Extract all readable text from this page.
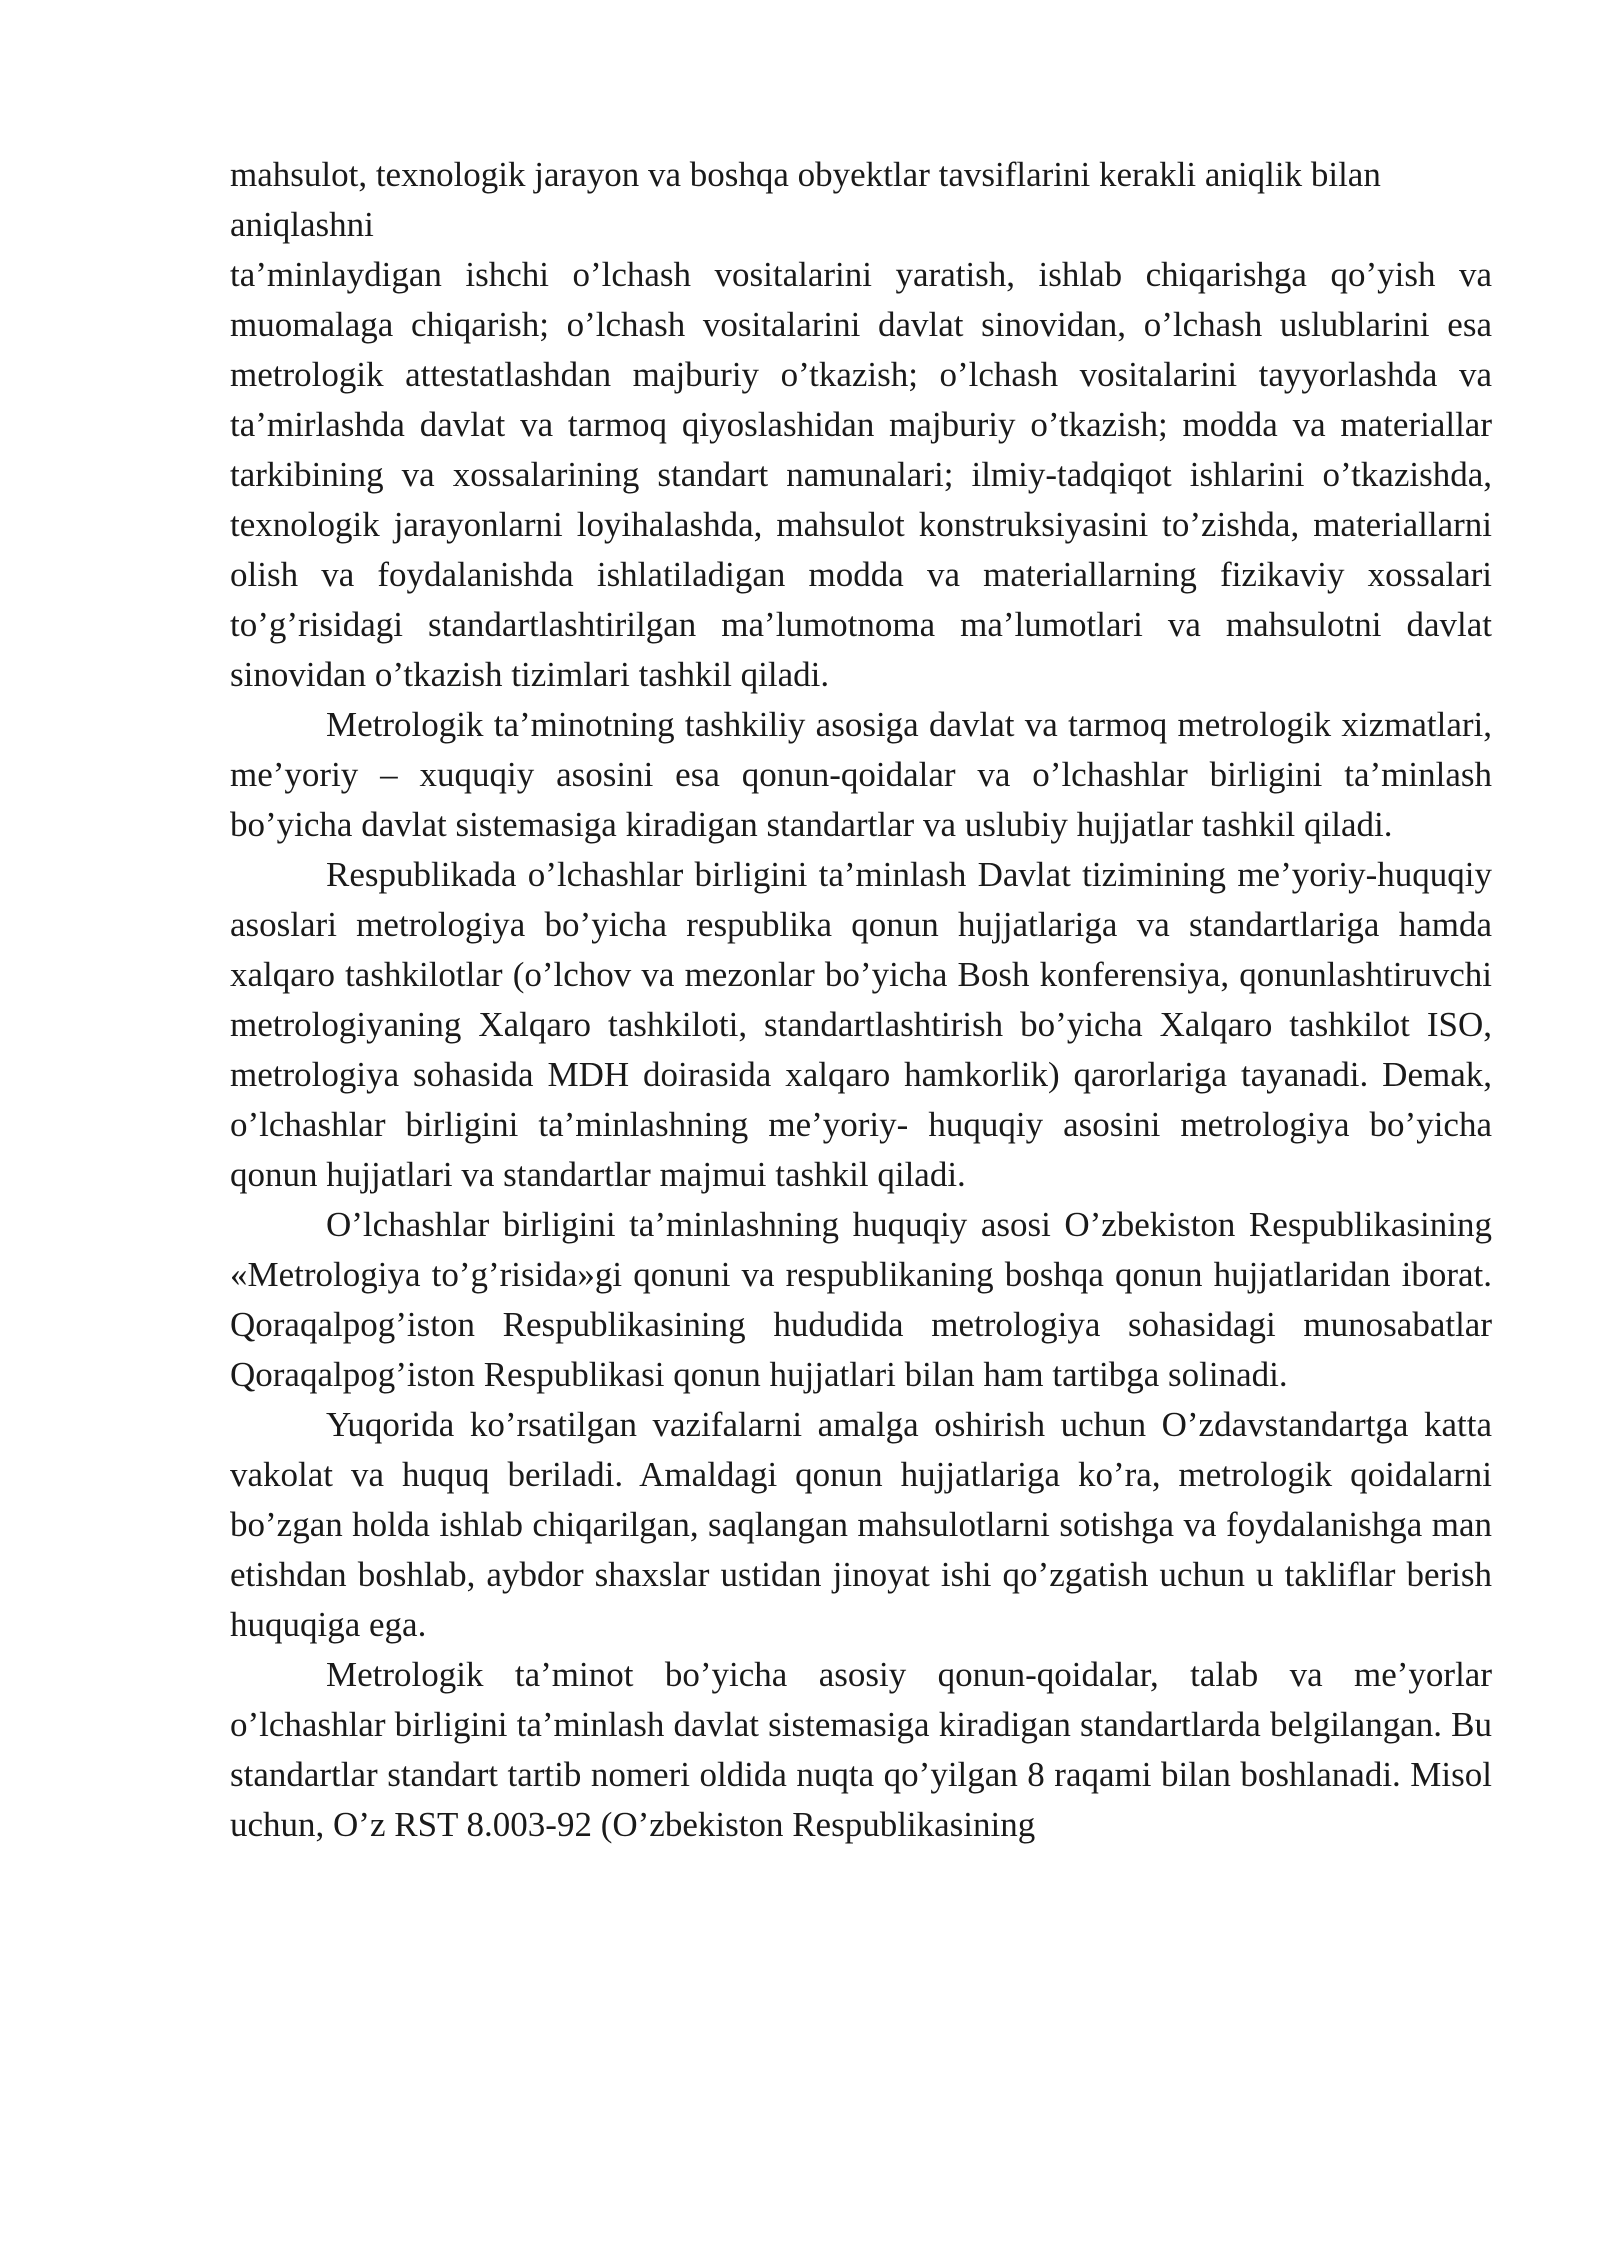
mahsulot, texnologik jarayon va boshqa obyektlar tavsiflarini kerakli aniqlik bilan aniqlashni
ta’minlaydigan ishchi o’lchash vositalarini yaratish, ishlab chiqarishga qo’yish va muomalaga chiqarish; o’lchash vositalarini davlat sinovidan, o’lchash uslublarini esa metrologik attestatlashdan majburiy o’tkazish; o’lchash vositalarini tayyorlashda va ta’mirlashda davlat va tarmoq qiyoslashidan majburiy o’tkazish; modda va materiallar tarkibining va xossalarining standart namunalari; ilmiy-tadqiqot ishlarini o’tkazishda, texnologik jarayonlarni loyihalashda, mahsulot konstruksiyasini to’zishda, materiallarni olish va foydalanishda ishlatiladigan modda va materiallarning fizikaviy xossalari to’g’risidagi standartlashtirilgan ma’lumotnoma ma’lumotlari va mahsulotni davlat sinovidan o’tkazish tizimlari tashkil qiladi.

Metrologik ta’minotning tashkiliy asosiga davlat va tarmoq metrologik xizmatlari, me’yoriy – xuquqiy asosini esa qonun-qoidalar va o’lchashlar birligini ta’minlash bo’yicha davlat sistemasiga kiradigan standartlar va uslubiy hujjatlar tashkil qiladi.

Respublikada o’lchashlar birligini ta’minlash Davlat tizimining me’yoriy-huquqiy asoslari metrologiya bo’yicha respublika qonun hujjatlariga va standartlariga hamda xalqaro tashkilotlar (o’lchov va mezonlar bo’yicha Bosh konferensiya, qonunlashtiruvchi metrologiyaning Xalqaro tashkiloti, standartlashtirish bo’yicha Xalqaro tashkilot ISO, metrologiya sohasida MDH doirasida xalqaro hamkorlik) qarorlariga tayanadi. Demak, o’lchashlar birligini ta’minlashning me’yoriy- huquqiy asosini metrologiya bo’yicha qonun hujjatlari va standartlar majmui tashkil qiladi.

O’lchashlar birligini ta’minlashning huquqiy asosi O’zbekiston Respublikasining «Metrologiya to’g’risida»gi qonuni va respublikaning boshqa qonun hujjatlaridan iborat. Qoraqalpog’iston Respublikasining hududida metrologiya sohasidagi munosabatlar Qoraqalpog’iston Respublikasi qonun hujjatlari bilan ham tartibga solinadi.

Yuqorida ko’rsatilgan vazifalarni amalga oshirish uchun O’zdavstandartga katta vakolat va huquq beriladi. Amaldagi qonun hujjatlariga ko’ra, metrologik qoidalarni bo’zgan holda ishlab chiqarilgan, saqlangan mahsulotlarni sotishga va foydalanishga man etishdan boshlab, aybdor shaxslar ustidan jinoyat ishi qo’zgatish uchun u takliflar berish huquqiga ega.

Metrologik ta’minot bo’yicha asosiy qonun-qoidalar, talab va me’yorlar o’lchashlar birligini ta’minlash davlat sistemasiga kiradigan standartlarda belgilangan. Bu standartlar standart tartib nomeri oldida nuqta qo’yilgan 8 raqami bilan boshlanadi. Misol uchun, O’z RST 8.003-92 (O’zbekiston Respublikasining
